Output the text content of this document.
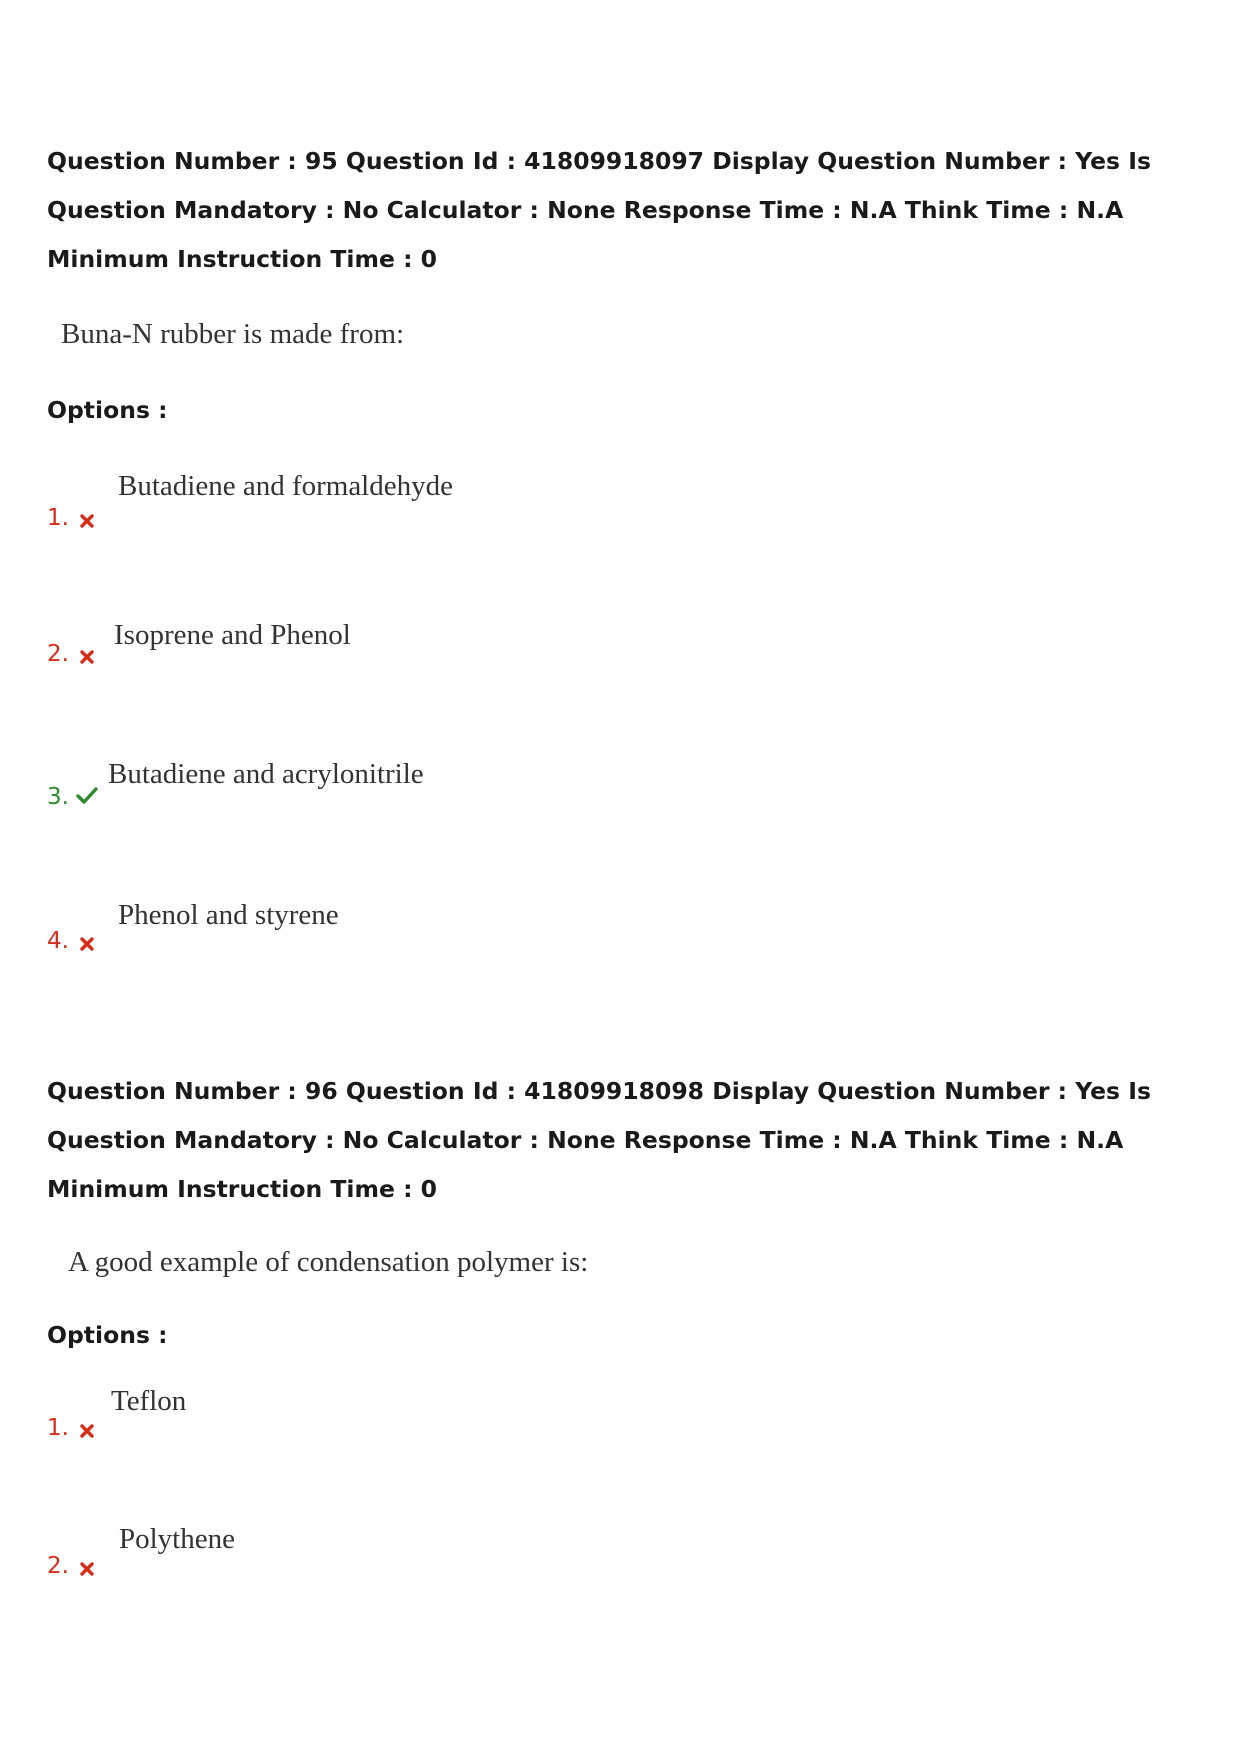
Question Number : 95 Question Id : 41809918097 Display Question Number : Yes Is Question Mandatory : No Calculator : None Response Time : N.A Think Time : N.A Minimum Instruction Time : 0

Buna-N rubber is made from:
Options :
1.
Butadiene and formaldehyde
2.
Isoprene and Phenol
3.
Butadiene and acrylonitrile
4.
Phenol and styrene

Question Number : 96 Question Id : 41809918098 Display Question Number : Yes Is Question Mandatory : No Calculator : None Response Time : N.A Think Time : N.A Minimum Instruction Time : 0

A good example of condensation polymer is:
Options :
1.
Teflon
2.
Polythene
